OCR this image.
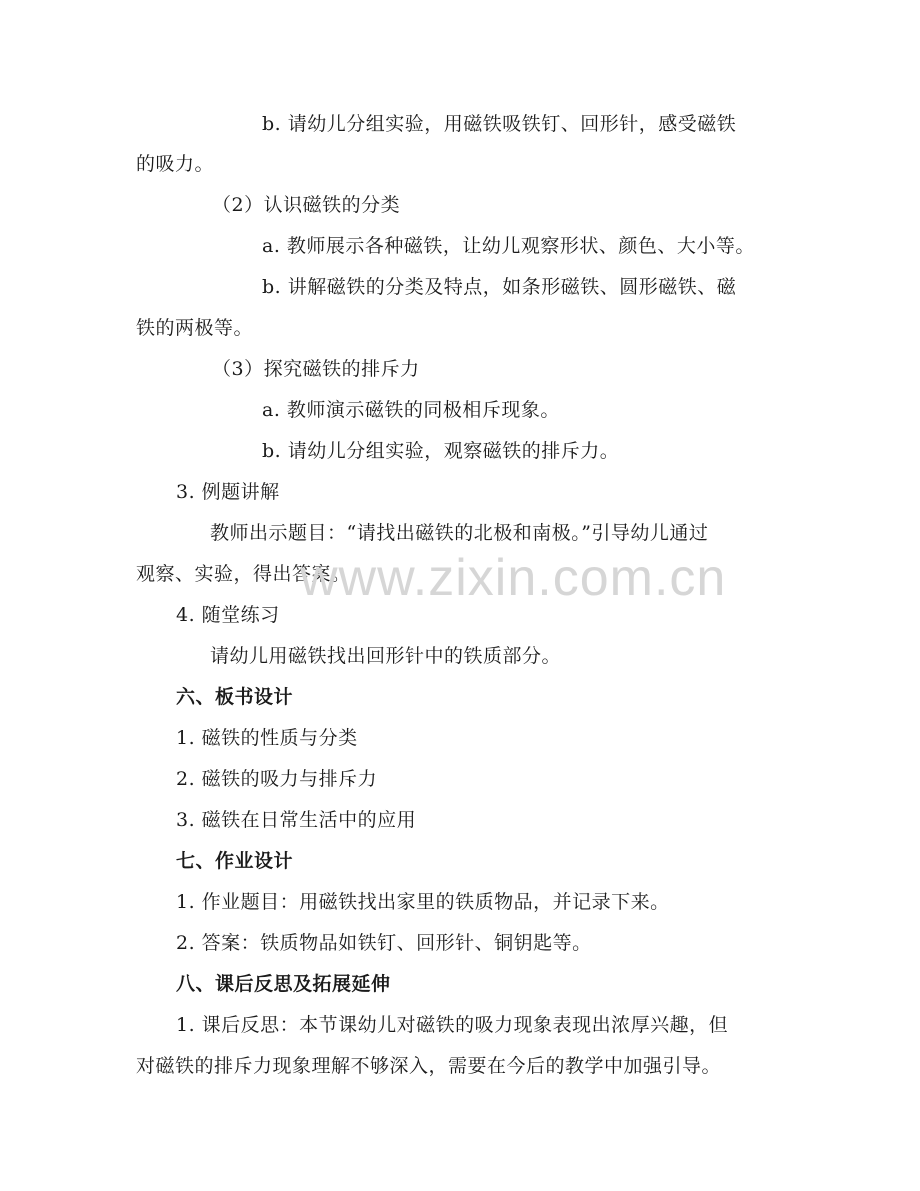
b. 请幼儿分组实验，用磁铁吸铁钉、回形针，感受磁铁
的吸力。
（2）认识磁铁的分类
a. 教师展示各种磁铁，让幼儿观察形状、颜色、大小等。
b. 讲解磁铁的分类及特点，如条形磁铁、圆形磁铁、磁
铁的两极等。
（3）探究磁铁的排斥力
a. 教师演示磁铁的同极相斥现象。
b. 请幼儿分组实验，观察磁铁的排斥力。
3. 例题讲解
教师出示题目：“请找出磁铁的北极和南极。”引导幼儿通过
观察、实验，得出答案。
4. 随堂练习
请幼儿用磁铁找出回形针中的铁质部分。
六、板书设计
1. 磁铁的性质与分类
2. 磁铁的吸力与排斥力
3. 磁铁在日常生活中的应用
七、作业设计
1. 作业题目：用磁铁找出家里的铁质物品，并记录下来。
2. 答案：铁质物品如铁钉、回形针、铜钥匙等。
八、课后反思及拓展延伸
1. 课后反思：本节课幼儿对磁铁的吸力现象表现出浓厚兴趣，但
对磁铁的排斥力现象理解不够深入，需要在今后的教学中加强引导。
www.zixin.com.cn
